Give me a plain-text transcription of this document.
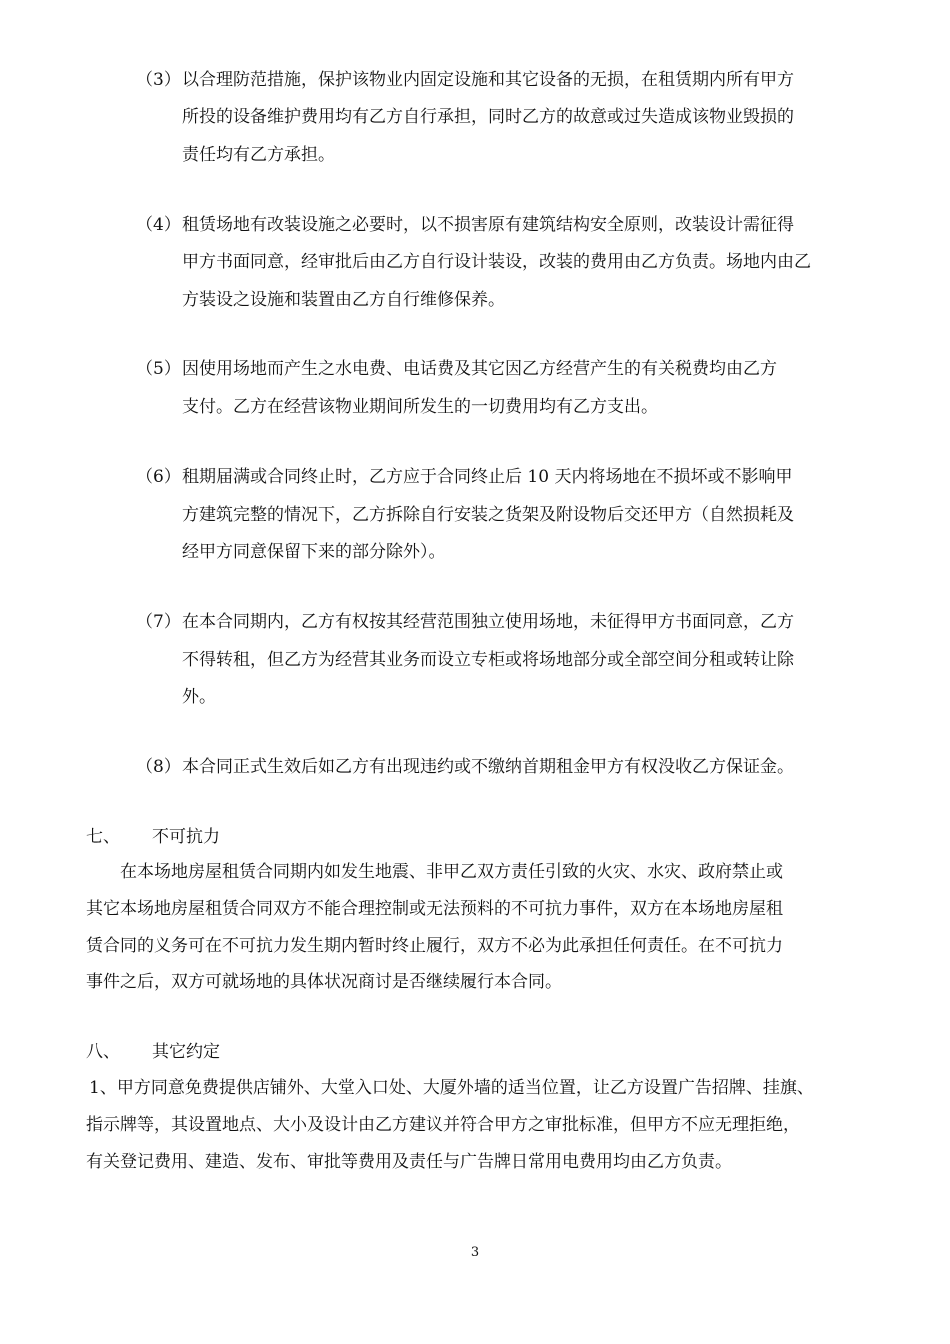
（3）以合理防范措施，保护该物业内固定设施和其它设备的无损，在租赁期内所有甲方
所投的设备维护费用均有乙方自行承担，同时乙方的故意或过失造成该物业毁损的
责任均有乙方承担。
（4）租赁场地有改装设施之必要时，以不损害原有建筑结构安全原则，改装设计需征得
甲方书面同意，经审批后由乙方自行设计装设，改装的费用由乙方负责。场地内由乙
方装设之设施和装置由乙方自行维修保养。
（5）因使用场地而产生之水电费、电话费及其它因乙方经营产生的有关税费均由乙方
支付。乙方在经营该物业期间所发生的一切费用均有乙方支出。
（6）租期届满或合同终止时，乙方应于合同终止后 10 天内将场地在不损坏或不影响甲
方建筑完整的情况下，乙方拆除自行安装之货架及附设物后交还甲方（自然损耗及
经甲方同意保留下来的部分除外）。
（7）在本合同期内，乙方有权按其经营范围独立使用场地，未征得甲方书面同意，乙方
不得转租，但乙方为经营其业务而设立专柜或将场地部分或全部空间分租或转让除
外。
（8）本合同正式生效后如乙方有出现违约或不缴纳首期租金甲方有权没收乙方保证金。
七、 不可抗力
在本场地房屋租赁合同期内如发生地震、非甲乙双方责任引致的火灾、水灾、政府禁止或
其它本场地房屋租赁合同双方不能合理控制或无法预料的不可抗力事件，双方在本场地房屋租
赁合同的义务可在不可抗力发生期内暂时终止履行，双方不必为此承担任何责任。在不可抗力
事件之后，双方可就场地的具体状况商讨是否继续履行本合同。
八、 其它约定
1、甲方同意免费提供店铺外、大堂入口处、大厦外墙的适当位置，让乙方设置广告招牌、挂旗、
指示牌等，其设置地点、大小及设计由乙方建议并符合甲方之审批标准，但甲方不应无理拒绝，
有关登记费用、建造、发布、审批等费用及责任与广告牌日常用电费用均由乙方负责。
3
